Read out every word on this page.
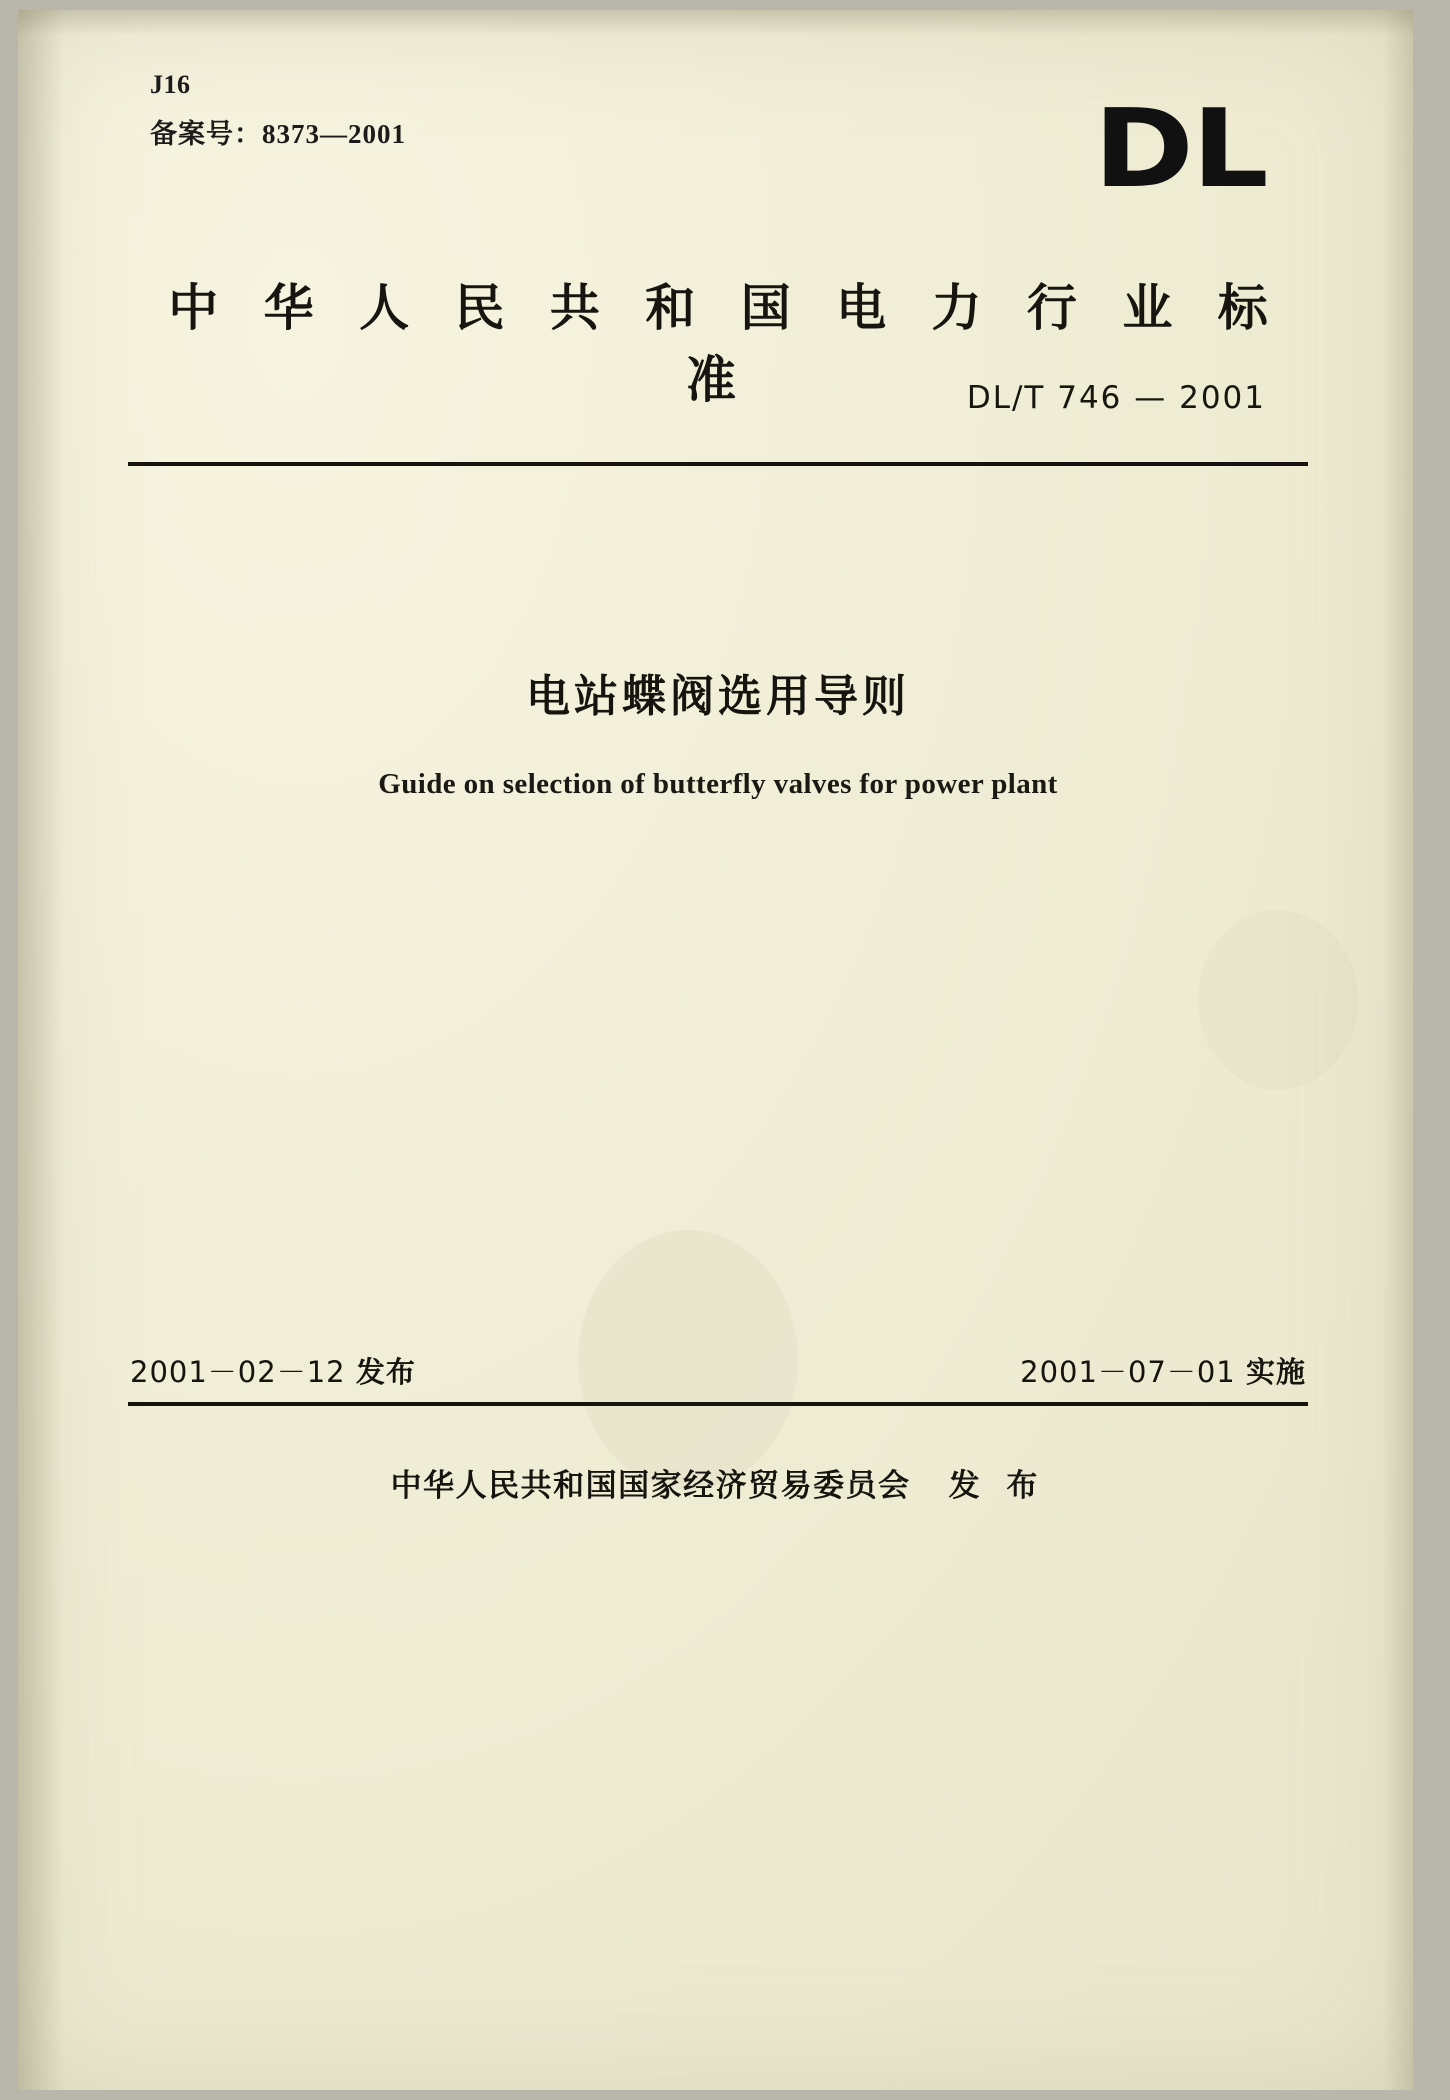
J16
备案号：8373—2001	DL
中 华 人 民 共 和 国 电 力 行 业 标 准	DL/T 746 — 2001
电站蝶阀选用导则
Guide on selection of butterfly valves for power plant
2001－02－12 发布	2001－07－01 实施
中华人民共和国国家经济贸易委员会 发 布
